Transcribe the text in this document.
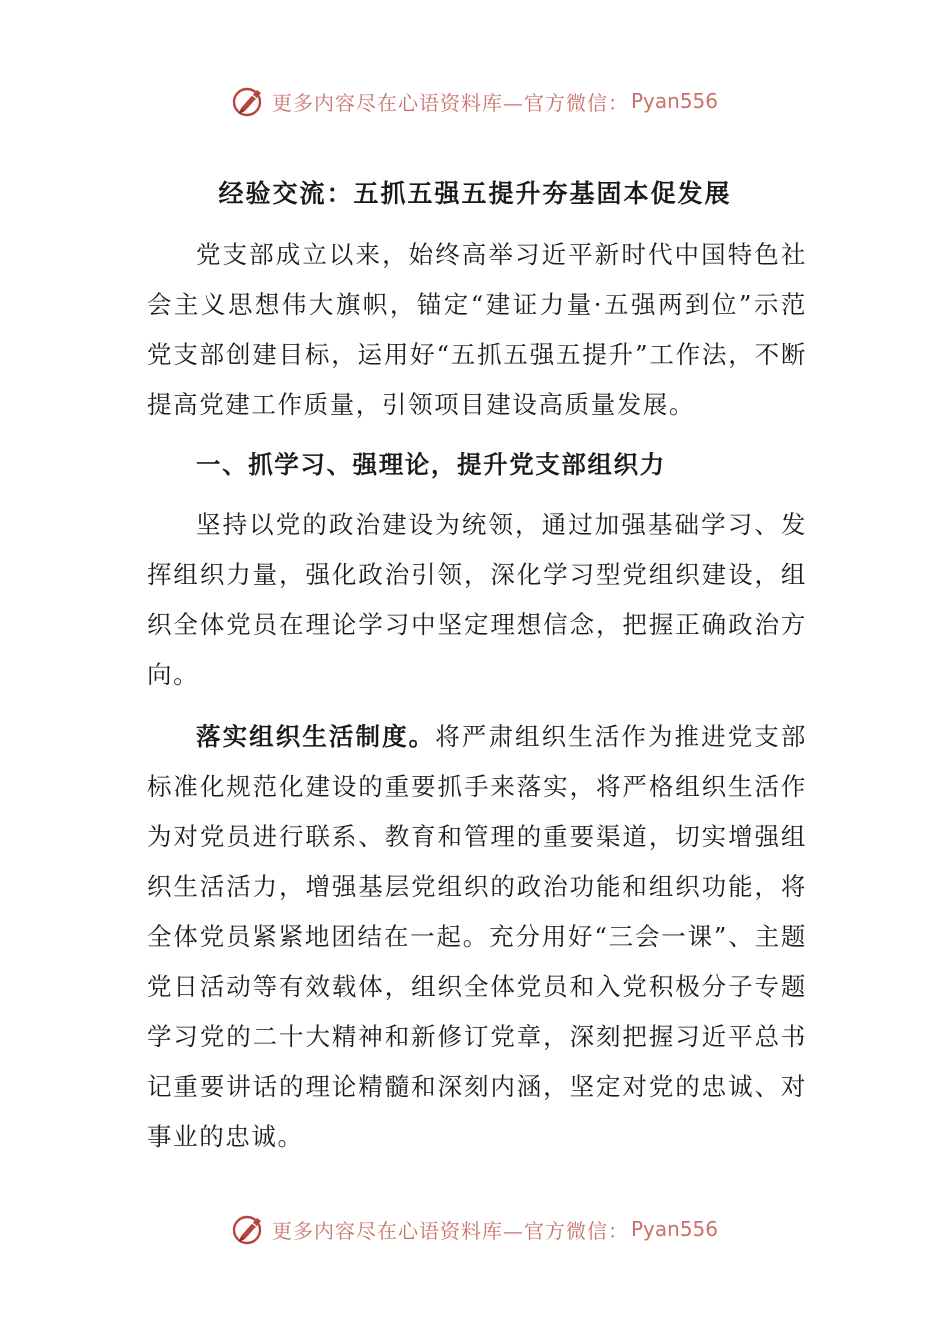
更多内容尽在心语资料库—官方微信： Pyan556
经验交流：五抓五强五提升夯基固本促发展

党支部成立以来，始终高举习近平新时代中国特色社会主义思想伟大旗帜，锚定“建证力量·五强两到位”示范党支部创建目标，运用好“五抓五强五提升”工作法，不断提高党建工作质量，引领项目建设高质量发展。

一、抓学习、强理论，提升党支部组织力

坚持以党的政治建设为统领，通过加强基础学习、发挥组织力量，强化政治引领，深化学习型党组织建设，组织全体党员在理论学习中坚定理想信念，把握正确政治方向。

落实组织生活制度。将严肃组织生活作为推进党支部标准化规范化建设的重要抓手来落实，将严格组织生活作为对党员进行联系、教育和管理的重要渠道，切实增强组织生活活力，增强基层党组织的政治功能和组织功能，将全体党员紧紧地团结在一起。充分用好“三会一课”、主题党日活动等有效载体，组织全体党员和入党积极分子专题学习党的二十大精神和新修订党章，深刻把握习近平总书记重要讲话的理论精髓和深刻内涵，坚定对党的忠诚、对事业的忠诚。

更多内容尽在心语资料库—官方微信： Pyan556
